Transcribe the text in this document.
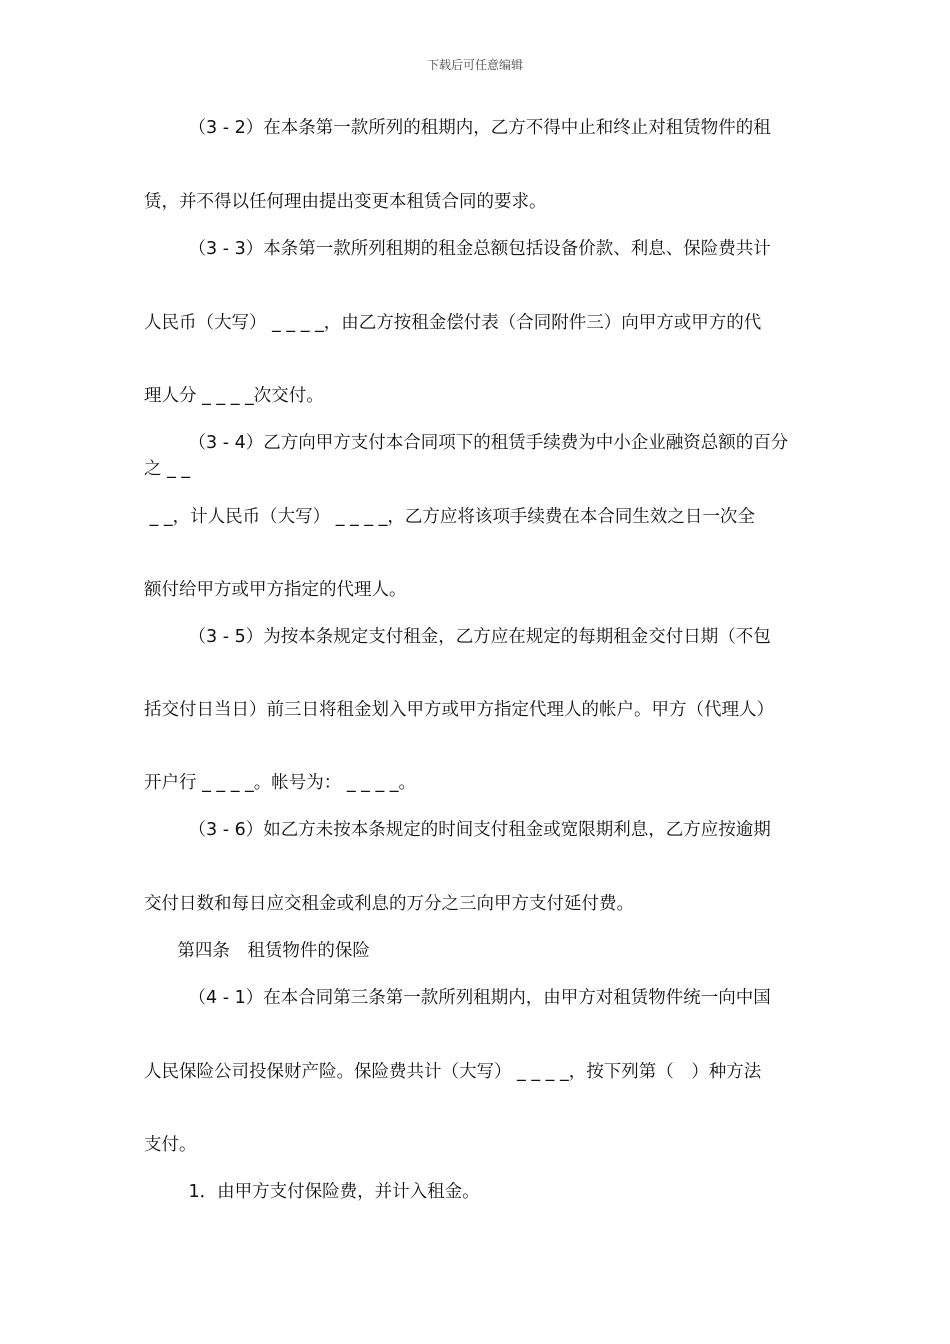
下载后可任意编辑
（3 - 2）在本条第一款所列的租期内，乙方不得中止和终止对租赁物件的租
赁，并不得以任何理由提出变更本租赁合同的要求。
（3 - 3）本条第一款所列租期的租金总额包括设备价款、利息、保险费共计
人民币（大写） _ _ _ _，由乙方按租金偿付表（合同附件三）向甲方或甲方的代
理人分 _ _ _ _次交付。
（3 - 4）乙方向甲方支付本合同项下的租赁手续费为中小企业融资总额的百分之 _ _
_ _，计人民币（大写） _ _ _ _，乙方应将该项手续费在本合同生效之日一次全
额付给甲方或甲方指定的代理人。
（3 - 5）为按本条规定支付租金，乙方应在规定的每期租金交付日期（不包
括交付日当日）前三日将租金划入甲方或甲方指定代理人的帐户。甲方（代理人）
开户行 _ _ _ _。帐号为： _ _ _ _。
（3 - 6）如乙方未按本条规定的时间支付租金或宽限期利息，乙方应按逾期
交付日数和每日应交租金或利息的万分之三向甲方支付延付费。
第四条　租赁物件的保险
（4 - 1）在本合同第三条第一款所列租期内，由甲方对租赁物件统一向中国
人民保险公司投保财产险。保险费共计（大写） _ _ _ _，按下列第（　）种方法
支付。
1．由甲方支付保险费，并计入租金。
